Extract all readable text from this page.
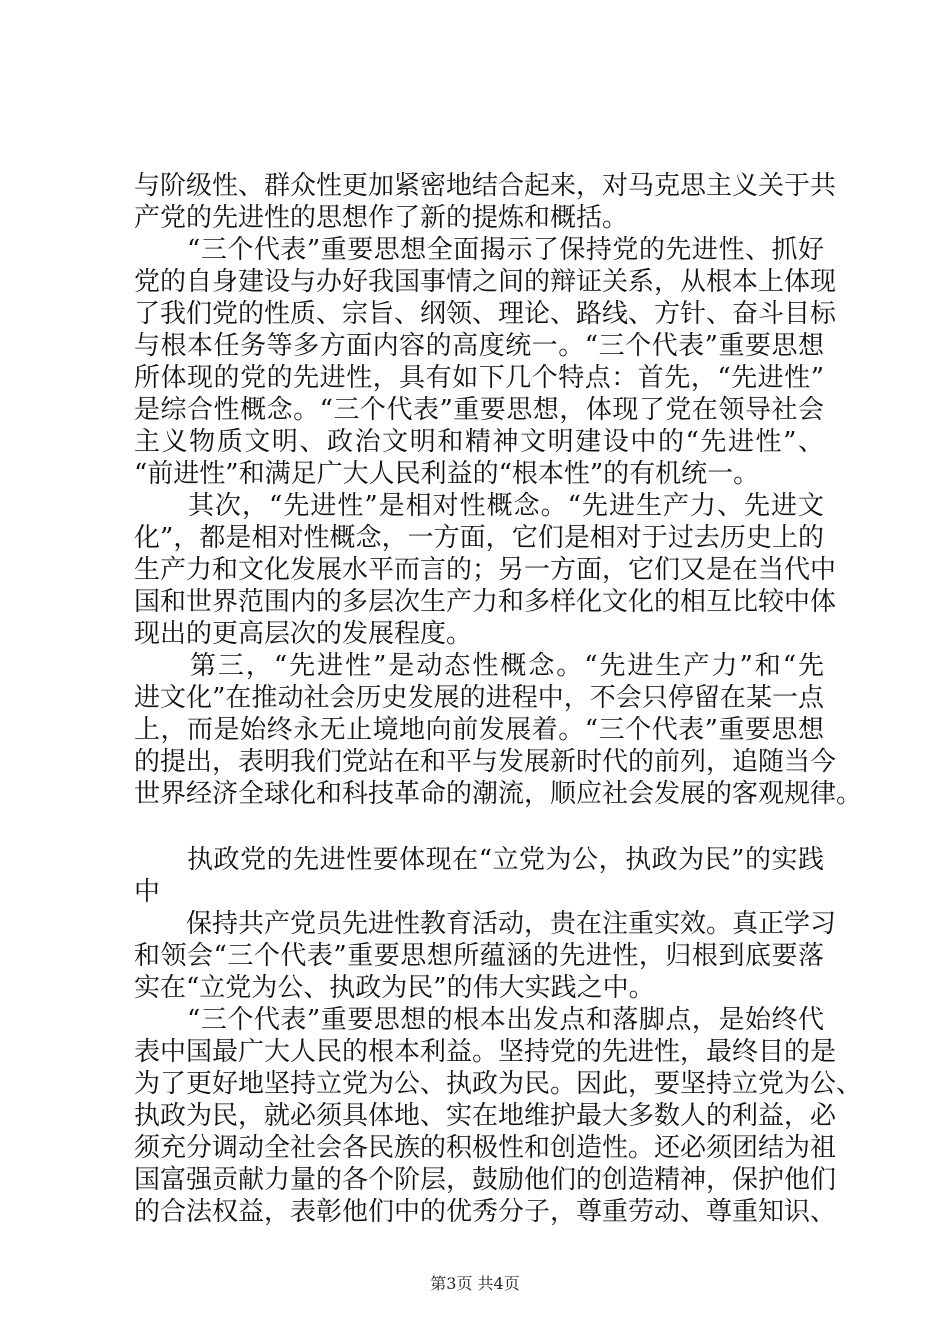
与阶级性、群众性更加紧密地结合起来，对马克思主义关于共
产党的先进性的思想作了新的提炼和概括。
　　“三个代表”重要思想全面揭示了保持党的先进性、抓好
党的自身建设与办好我国事情之间的辩证关系，从根本上体现
了我们党的性质、宗旨、纲领、理论、路线、方针、奋斗目标
与根本任务等多方面内容的高度统一。“三个代表”重要思想
所体现的党的先进性，具有如下几个特点：首先，“先进性”
是综合性概念。“三个代表”重要思想，体现了党在领导社会
主义物质文明、政治文明和精神文明建设中的“先进性”、
“前进性”和满足广大人民利益的“根本性”的有机统一。
　　其次，“先进性”是相对性概念。“先进生产力、先进文
化”，都是相对性概念，一方面，它们是相对于过去历史上的
生产力和文化发展水平而言的；另一方面，它们又是在当代中
国和世界范围内的多层次生产力和多样化文化的相互比较中体
现出的更高层次的发展程度。
　　第三，“先进性”是动态性概念。“先进生产力”和“先
进文化”在推动社会历史发展的进程中，不会只停留在某一点
上，而是始终永无止境地向前发展着。“三个代表”重要思想
的提出，表明我们党站在和平与发展新时代的前列，追随当今
世界经济全球化和科技革命的潮流，顺应社会发展的客观规律。
　　执政党的先进性要体现在“立党为公，执政为民”的实践
中
　　保持共产党员先进性教育活动，贵在注重实效。真正学习
和领会“三个代表”重要思想所蕴涵的先进性，归根到底要落
实在“立党为公、执政为民”的伟大实践之中。
　　“三个代表”重要思想的根本出发点和落脚点，是始终代
表中国最广大人民的根本利益。坚持党的先进性，最终目的是
为了更好地坚持立党为公、执政为民。因此，要坚持立党为公、
执政为民，就必须具体地、实在地维护最大多数人的利益，必
须充分调动全社会各民族的积极性和创造性。还必须团结为祖
国富强贡献力量的各个阶层，鼓励他们的创造精神，保护他们
的合法权益，表彰他们中的优秀分子，尊重劳动、尊重知识、
第3页 共4页
